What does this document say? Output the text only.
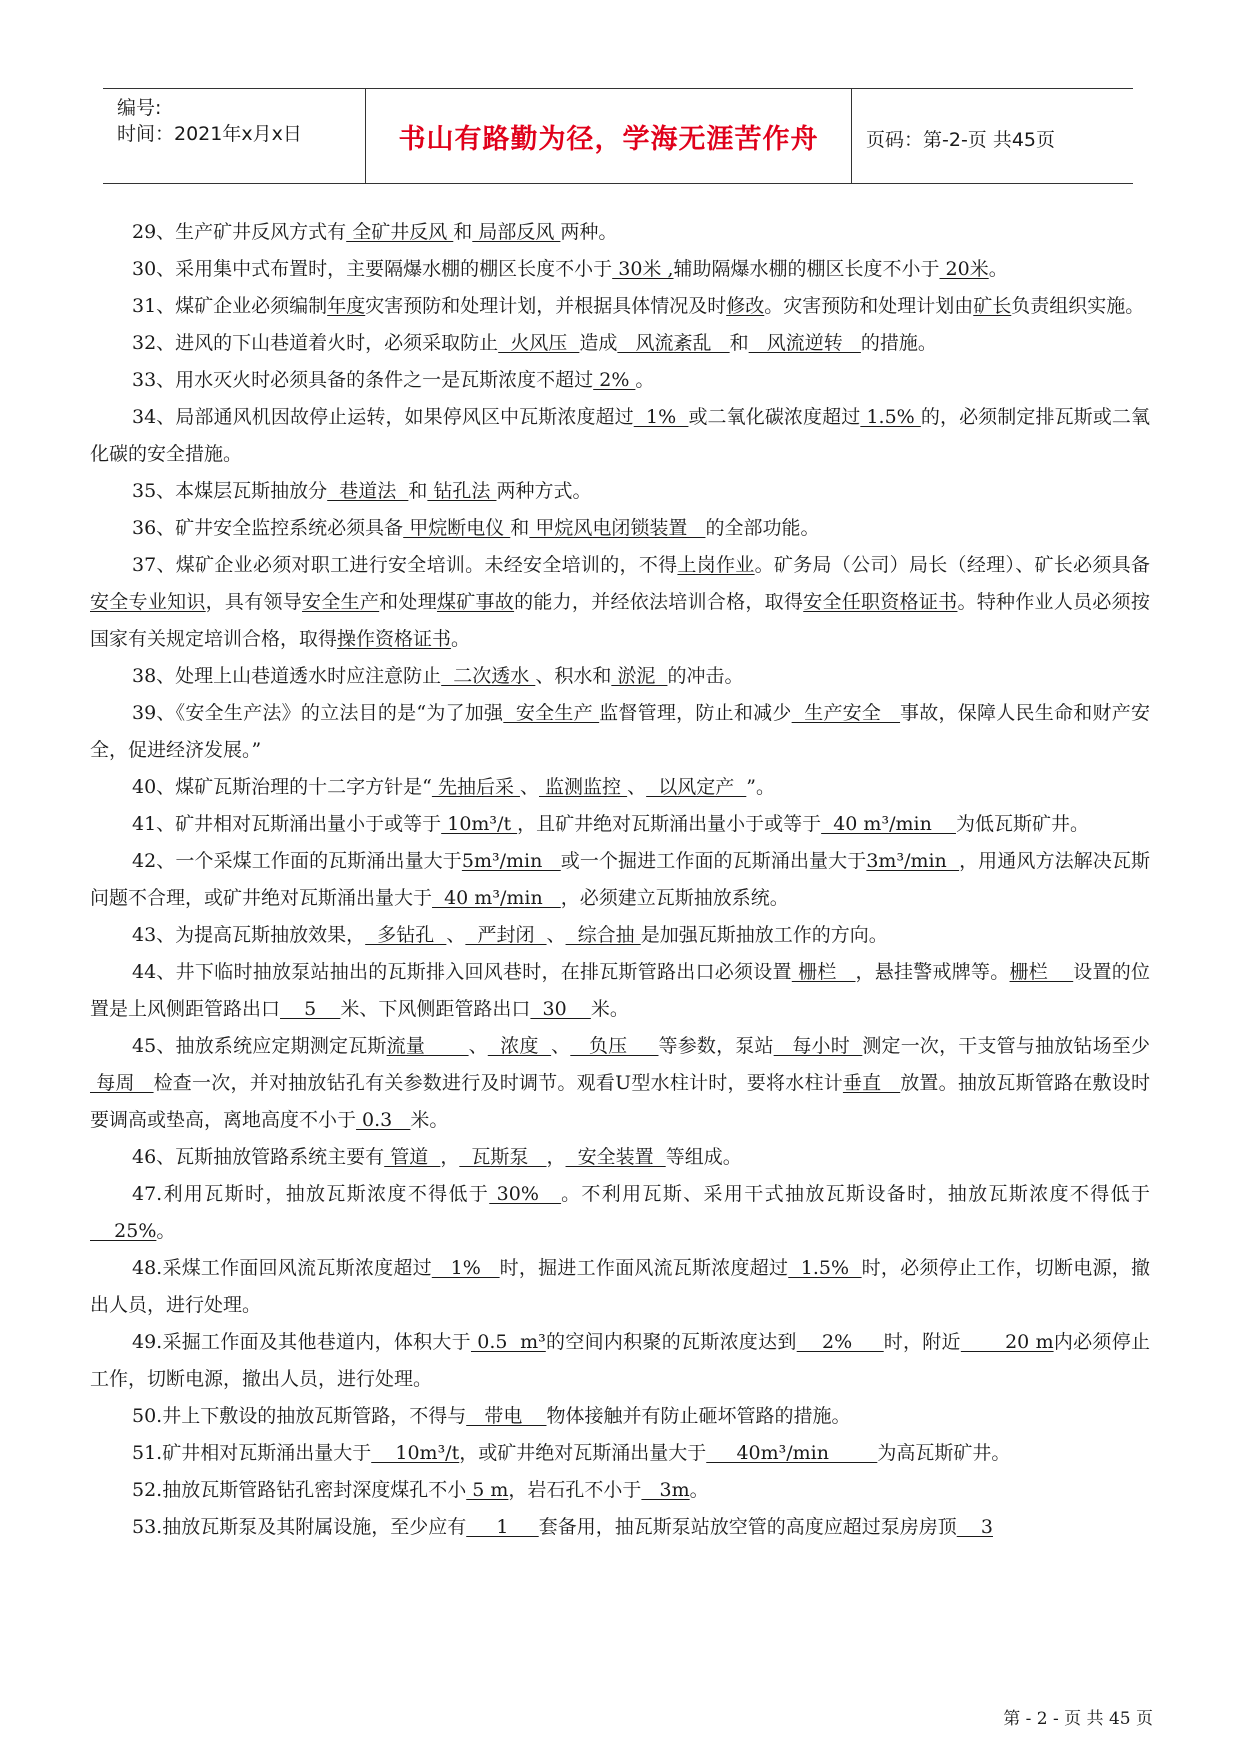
编号:
时间：2021年x月x日	书山有路勤为径，学海无涯苦作舟	页码：第-2-页 共45页

29、生产矿井反风方式有 全矿井反风 和 局部反风 两种。

30、采用集中式布置时，主要隔爆水棚的棚区长度不小于 30米 ,辅助隔爆水棚的棚区长度不小于 20米。

31、煤矿企业必须编制年度灾害预防和处理计划，并根据具体情况及时修改。灾害预防和处理计划由矿长负责组织实施。

32、进风的下山巷道着火时，必须采取防止  火风压  造成   风流紊乱   和   风流逆转   的措施。

33、用水灭火时必须具备的条件之一是瓦斯浓度不超过 2% 。

34、局部通风机因故停止运转，如果停风区中瓦斯浓度超过  1%  或二氧化碳浓度超过 1.5% 的，必须制定排瓦斯或二氧化碳的安全措施。

35、本煤层瓦斯抽放分  巷道法  和 钻孔法 两种方式。

36、矿井安全监控系统必须具备 甲烷断电仪 和 甲烷风电闭锁装置   的全部功能。

37、煤矿企业必须对职工进行安全培训。未经安全培训的，不得上岗作业。矿务局（公司）局长（经理）、矿长必须具备安全专业知识，具有领导安全生产和处理煤矿事故的能力，并经依法培训合格，取得安全任职资格证书。特种作业人员必须按国家有关规定培训合格，取得操作资格证书。

38、处理上山巷道透水时应注意防止  二次透水 、积水和 淤泥  的冲击。

39、《安全生产法》的立法目的是“为了加强  安全生产 监督管理，防止和减少  生产安全   事故，保障人民生命和财产安全，促进经济发展。”

40、煤矿瓦斯治理的十二字方针是“ 先抽后采 、 监测监控 、  以风定产  ”。

41、矿井相对瓦斯涌出量小于或等于 10m³/t ，且矿井绝对瓦斯涌出量小于或等于  40 m³/min    为低瓦斯矿井。

42、一个采煤工作面的瓦斯涌出量大于5m³/min   或一个掘进工作面的瓦斯涌出量大于3m³/min  ，用通风方法解决瓦斯问题不合理，或矿井绝对瓦斯涌出量大于  40 m³/min   ，必须建立瓦斯抽放系统。

43、为提高瓦斯抽放效果，  多钻孔  、  严封闭  、  综合抽 是加强瓦斯抽放工作的方向。

44、井下临时抽放泵站抽出的瓦斯排入回风巷时，在排瓦斯管路出口必须设置 栅栏   ，悬挂警戒牌等。栅栏    设置的位置是上风侧距管路出口    5    米、下风侧距管路出口  30    米。

45、抽放系统应定期测定瓦斯流量       、  浓度  、   负压     等参数，泵站   每小时  测定一次，干支管与抽放钻场至少 每周   检查一次，并对抽放钻孔有关参数进行及时调节。观看U型水柱计时，要将水柱计垂直   放置。抽放瓦斯管路在敷设时要调高或垫高，离地高度不小于 0.3   米。

46、瓦斯抽放管路系统主要有 管道  ，  瓦斯泵   ，  安全装置  等组成。

47.利用瓦斯时，抽放瓦斯浓度不得低于 30%   。不利用瓦斯、采用干式抽放瓦斯设备时，抽放瓦斯浓度不得低于    25%。

48.采煤工作面回风流瓦斯浓度超过   1%   时，掘进工作面风流瓦斯浓度超过  1.5%  时，必须停止工作，切断电源，撤出人员，进行处理。

49.采掘工作面及其他巷道内，体积大于 0.5  m³的空间内积聚的瓦斯浓度达到    2%     时，附近       20 m内必须停止工作，切断电源，撤出人员，进行处理。

50.井上下敷设的抽放瓦斯管路，不得与   带电    物体接触并有防止砸坏管路的措施。

51.矿井相对瓦斯涌出量大于    10m³/t，或矿井绝对瓦斯涌出量大于     40m³/min        为高瓦斯矿井。

52.抽放瓦斯管路钻孔密封深度煤孔不小 5 m，岩石孔不小于   3m。

53.抽放瓦斯泵及其附属设施，至少应有     1     套备用，抽瓦斯泵站放空管的高度应超过泵房房顶    3

第 - 2 - 页 共 45 页
